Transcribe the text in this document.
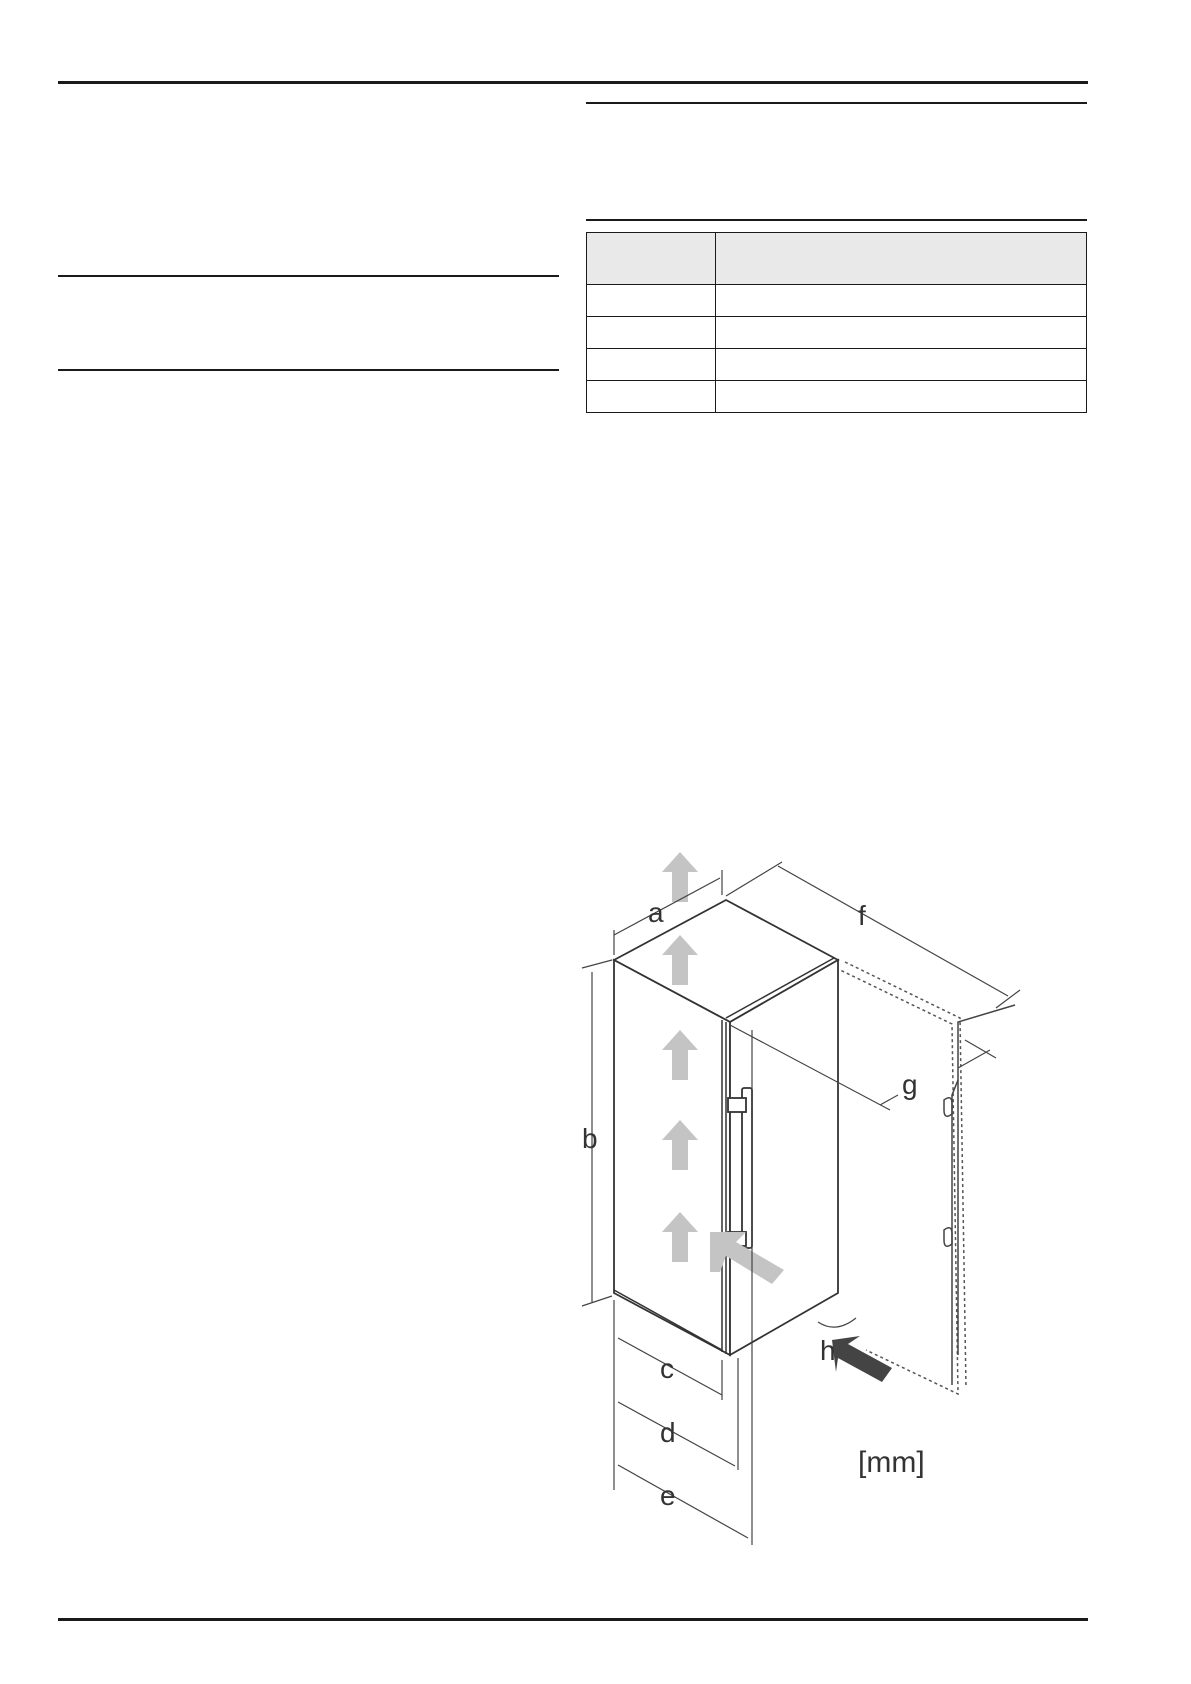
a
b
c
d
e
f
g
h
[mm]
